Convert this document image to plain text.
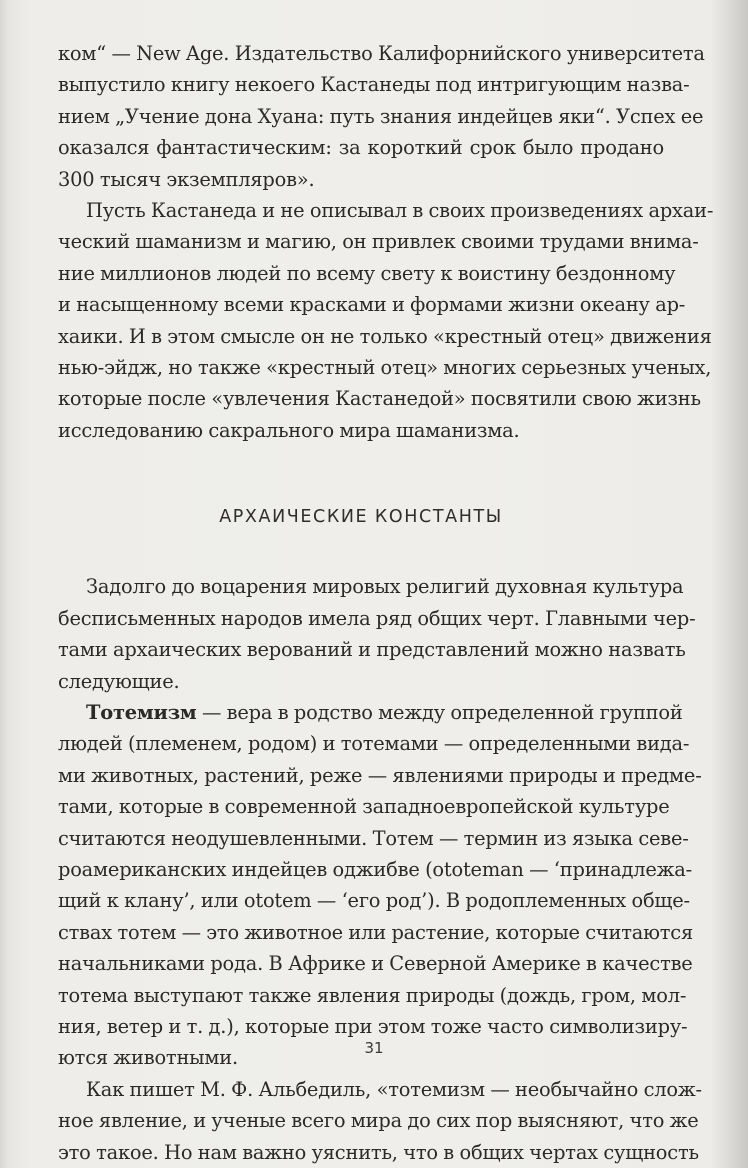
ком“ — New Age. Издательство Калифорнийского университета
выпустило книгу некоего Кастанеды под интригующим назва-
нием „Учение дона Хуана: путь знания индейцев яки“. Успех ее
оказался фантастическим: за короткий срок было продано
300 тысяч экземпляров».
Пусть Кастанеда и не описывал в своих произведениях архаи-
ческий шаманизм и магию, он привлек своими трудами внима-
ние миллионов людей по всему свету к воистину бездонному
и насыщенному всеми красками и формами жизни океану ар-
хаики. И в этом смысле он не только «крестный отец» движения
нью-эйдж, но также «крестный отец» многих серьезных ученых,
которые после «увлечения Кастанедой» посвятили свою жизнь
исследованию сакрального мира шаманизма.
АРХАИЧЕСКИЕ КОНСТАНТЫ
Задолго до воцарения мировых религий духовная культура
бесписьменных народов имела ряд общих черт. Главными чер-
тами архаических верований и представлений можно назвать
следующие.
Тотемизм — вера в родство между определенной группой
людей (племенем, родом) и тотемами — определенными вида-
ми животных, растений, реже — явлениями природы и предме-
тами, которые в современной западноевропейской культуре
считаются неодушевленными. Тотем — термин из языка севе-
роамериканских индейцев оджибве (ototeman — ‘принадлежа-
щий к клану’, или ototem — ‘его род’). В родоплеменных обще-
ствах тотем — это животное или растение, которые считаются
начальниками рода. В Африке и Северной Америке в качестве
тотема выступают также явления природы (дождь, гром, мол-
ния, ветер и т. д.), которые при этом тоже часто символизиру-
ются животными.
Как пишет М. Ф. Альбедиль, «тотемизм — необычайно слож-
ное явление, и ученые всего мира до сих пор выясняют, что же
это такое. Но нам важно уяснить, что в общих чертах сущность
31
